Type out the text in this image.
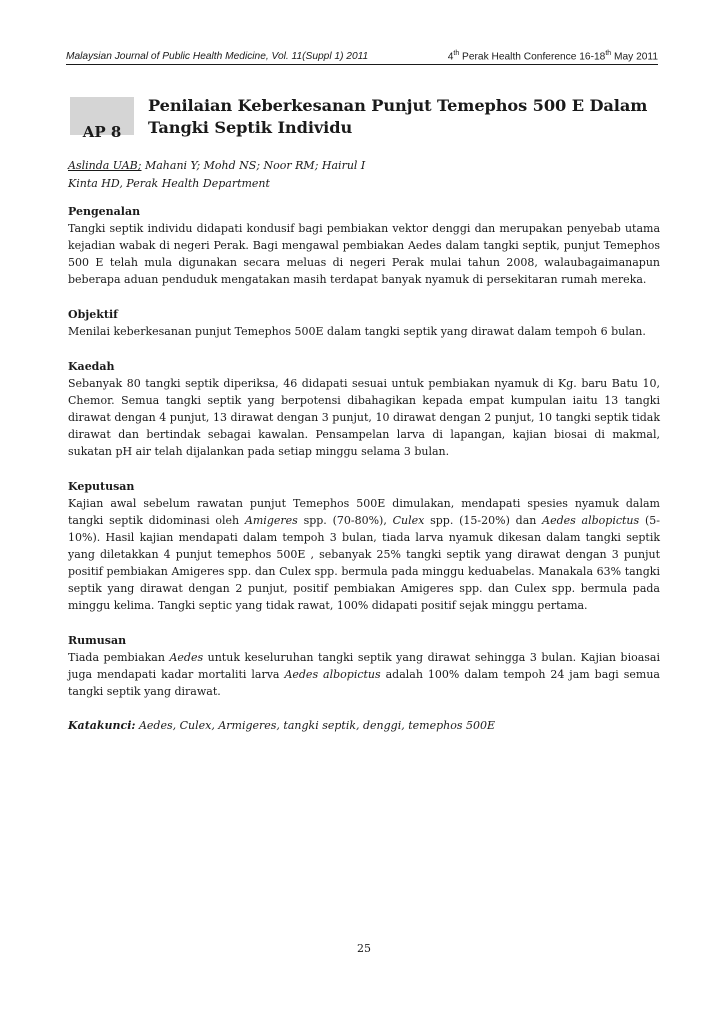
Malaysian Journal of Public Health Medicine, Vol. 11(Suppl 1) 2011	4th Perak Health Conference 16-18th May 2011
AP 8
Penilaian Keberkesanan Punjut Temephos 500 E Dalam Tangki Septik Individu
Aslinda UAB; Mahani Y; Mohd NS; Noor RM; Hairul I
Kinta HD, Perak Health Department
Pengenalan

Tangki septik individu didapati kondusif bagi pembiakan vektor denggi dan merupakan penyebab utama kejadian wabak di negeri Perak. Bagi mengawal pembiakan Aedes dalam tangki septik, punjut Temephos 500 E telah mula digunakan secara meluas di negeri Perak mulai tahun 2008, walaubagaimanapun beberapa aduan penduduk mengatakan masih terdapat banyak nyamuk di persekitaran rumah mereka.

Objektif

Menilai keberkesanan punjut Temephos 500E dalam tangki septik yang dirawat dalam tempoh 6 bulan.

Kaedah

Sebanyak 80 tangki septik diperiksa, 46 didapati sesuai untuk pembiakan nyamuk di Kg. baru Batu 10, Chemor. Semua tangki septik yang berpotensi dibahagikan kepada empat kumpulan iaitu 13 tangki dirawat dengan 4 punjut, 13 dirawat dengan 3 punjut, 10 dirawat dengan 2 punjut, 10 tangki septik tidak dirawat dan bertindak sebagai kawalan. Pensampelan larva di lapangan, kajian biosai di makmal, sukatan pH air telah dijalankan pada setiap minggu selama 3 bulan.

Keputusan

Kajian awal sebelum rawatan punjut Temephos 500E dimulakan, mendapati spesies nyamuk dalam tangki septik didominasi oleh Amigeres spp. (70-80%), Culex spp. (15-20%) dan Aedes albopictus (5-10%). Hasil kajian mendapati dalam tempoh 3 bulan, tiada larva nyamuk dikesan dalam tangki septik yang diletakkan 4 punjut temephos 500E , sebanyak 25% tangki septik yang dirawat dengan 3 punjut positif pembiakan Amigeres spp. dan Culex spp. bermula pada minggu keduabelas. Manakala 63% tangki septik yang dirawat dengan 2 punjut, positif pembiakan Amigeres spp. dan Culex spp. bermula pada minggu kelima. Tangki septic yang tidak rawat, 100% didapati positif sejak minggu pertama.

Rumusan

Tiada pembiakan Aedes untuk keseluruhan tangki septik yang dirawat sehingga 3 bulan. Kajian bioasai juga mendapati kadar mortaliti larva Aedes albopictus adalah 100% dalam tempoh 24 jam bagi semua tangki septik yang dirawat.

Katakunci: Aedes, Culex, Armigeres, tangki septik, denggi, temephos 500E
25
